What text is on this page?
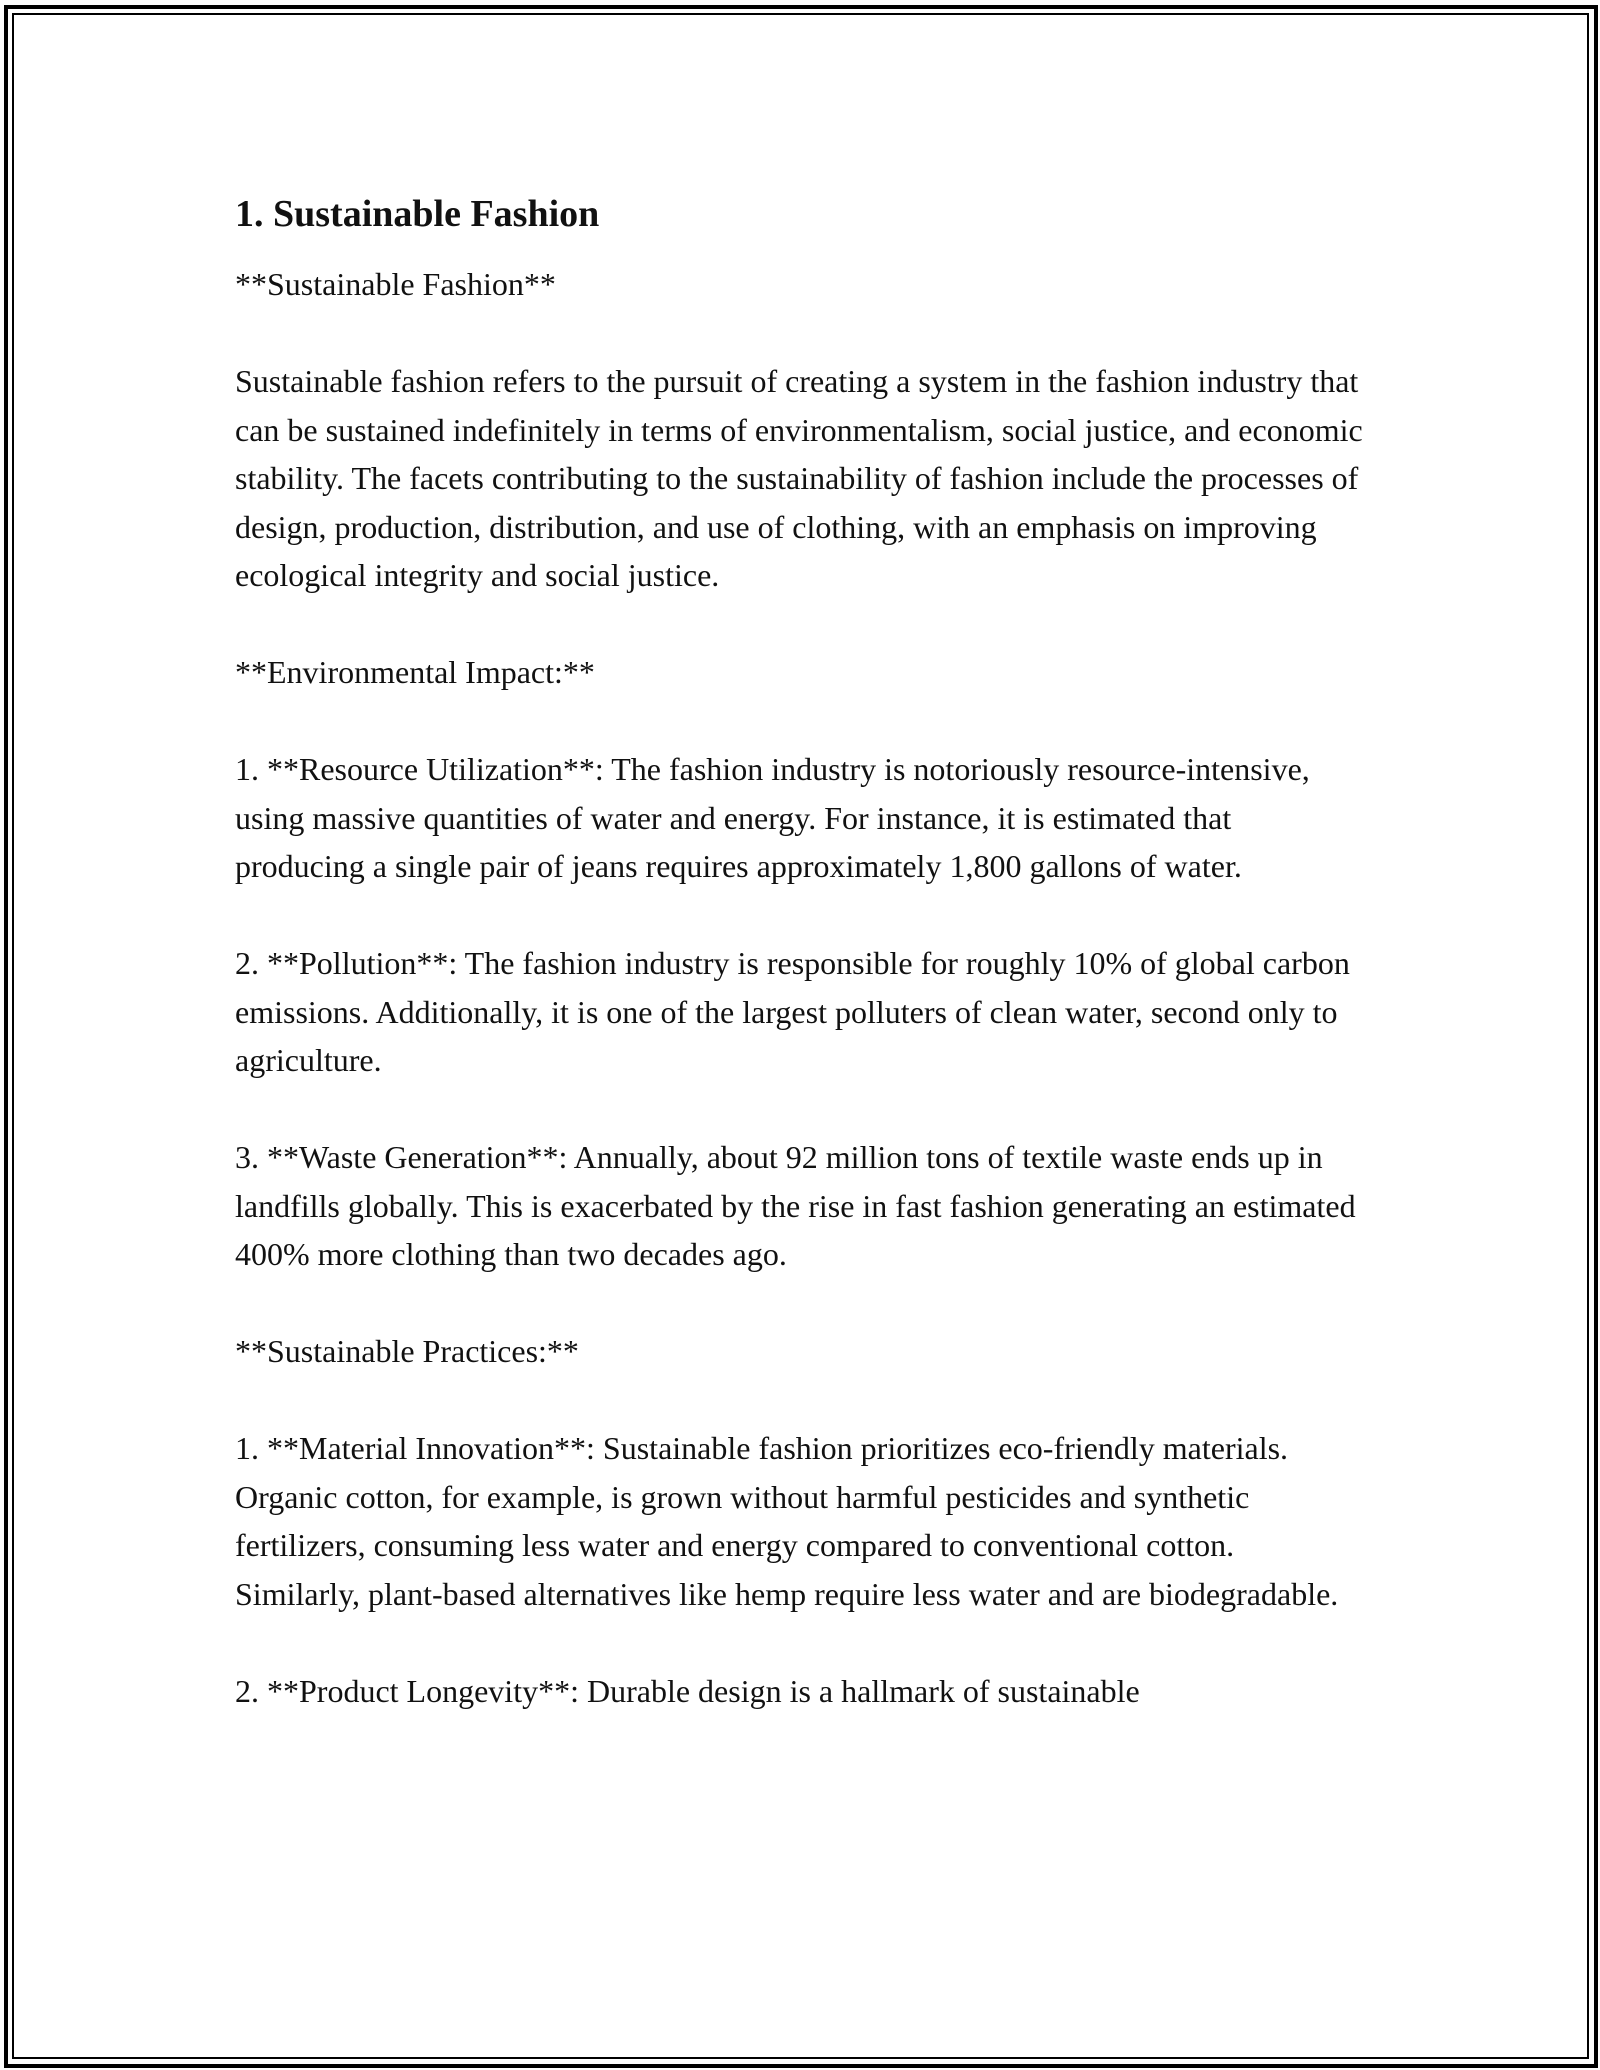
1. Sustainable Fashion

**Sustainable Fashion**

Sustainable fashion refers to the pursuit of creating a system in the fashion industry that can be sustained indefinitely in terms of environmentalism, social justice, and economic stability. The facets contributing to the sustainability of fashion include the processes of design, production, distribution, and use of clothing, with an emphasis on improving ecological integrity and social justice.

**Environmental Impact:**

1. **Resource Utilization**: The fashion industry is notoriously resource-intensive, using massive quantities of water and energy. For instance, it is estimated that producing a single pair of jeans requires approximately 1,800 gallons of water.

2. **Pollution**: The fashion industry is responsible for roughly 10% of global carbon emissions. Additionally, it is one of the largest polluters of clean water, second only to agriculture.

3. **Waste Generation**: Annually, about 92 million tons of textile waste ends up in landfills globally. This is exacerbated by the rise in fast fashion generating an estimated 400% more clothing than two decades ago.

**Sustainable Practices:**

1. **Material Innovation**: Sustainable fashion prioritizes eco-friendly materials. Organic cotton, for example, is grown without harmful pesticides and synthetic fertilizers, consuming less water and energy compared to conventional cotton. Similarly, plant-based alternatives like hemp require less water and are biodegradable.

2. **Product Longevity**: Durable design is a hallmark of sustainable
